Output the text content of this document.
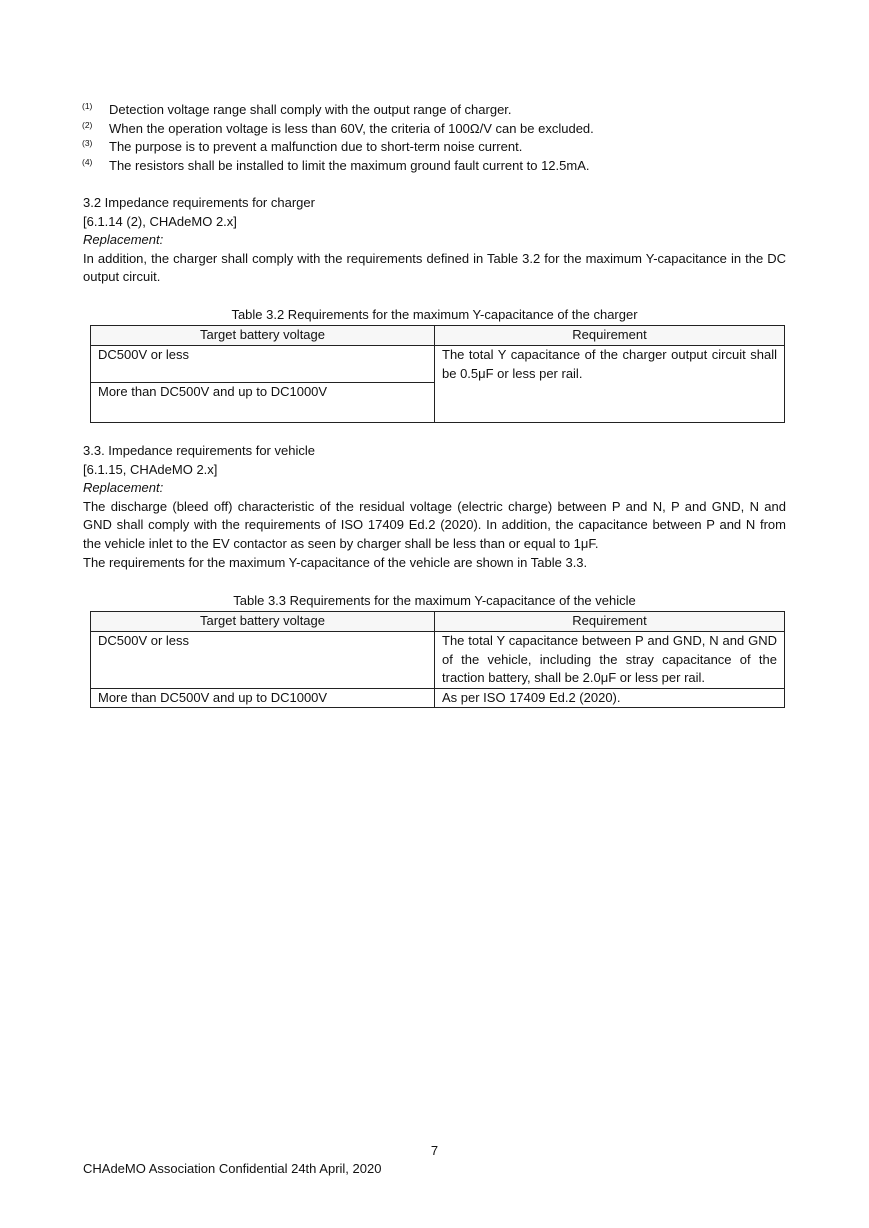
(1) Detection voltage range shall comply with the output range of charger.
(2) When the operation voltage is less than 60V, the criteria of 100Ω/V can be excluded.
(3) The purpose is to prevent a malfunction due to short-term noise current.
(4) The resistors shall be installed to limit the maximum ground fault current to 12.5mA.
3.2 Impedance requirements for charger
[6.1.14 (2), CHAdeMO 2.x]
Replacement:
In addition, the charger shall comply with the requirements defined in Table 3.2 for the maximum Y-capacitance in the DC output circuit.
Table 3.2 Requirements for the maximum Y-capacitance of the charger
Target battery voltage	Requirement
DC500V or less	The total Y capacitance of the charger output circuit shall be 0.5μF or less per rail.
More than DC500V and up to DC1000V	
3.3. Impedance requirements for vehicle
[6.1.15, CHAdeMO 2.x]
Replacement:
The discharge (bleed off) characteristic of the residual voltage (electric charge) between P and N, P and GND, N and GND shall comply with the requirements of ISO 17409 Ed.2 (2020). In addition, the capacitance between P and N from the vehicle inlet to the EV contactor as seen by charger shall be less than or equal to 1μF.
The requirements for the maximum Y-capacitance of the vehicle are shown in Table 3.3.
Table 3.3 Requirements for the maximum Y-capacitance of the vehicle
Target battery voltage	Requirement
DC500V or less	The total Y capacitance between P and GND, N and GND of the vehicle, including the stray capacitance of the traction battery, shall be 2.0μF or less per rail.
More than DC500V and up to DC1000V	As per ISO 17409 Ed.2 (2020).
7
CHAdeMO Association Confidential 24th April, 2020
